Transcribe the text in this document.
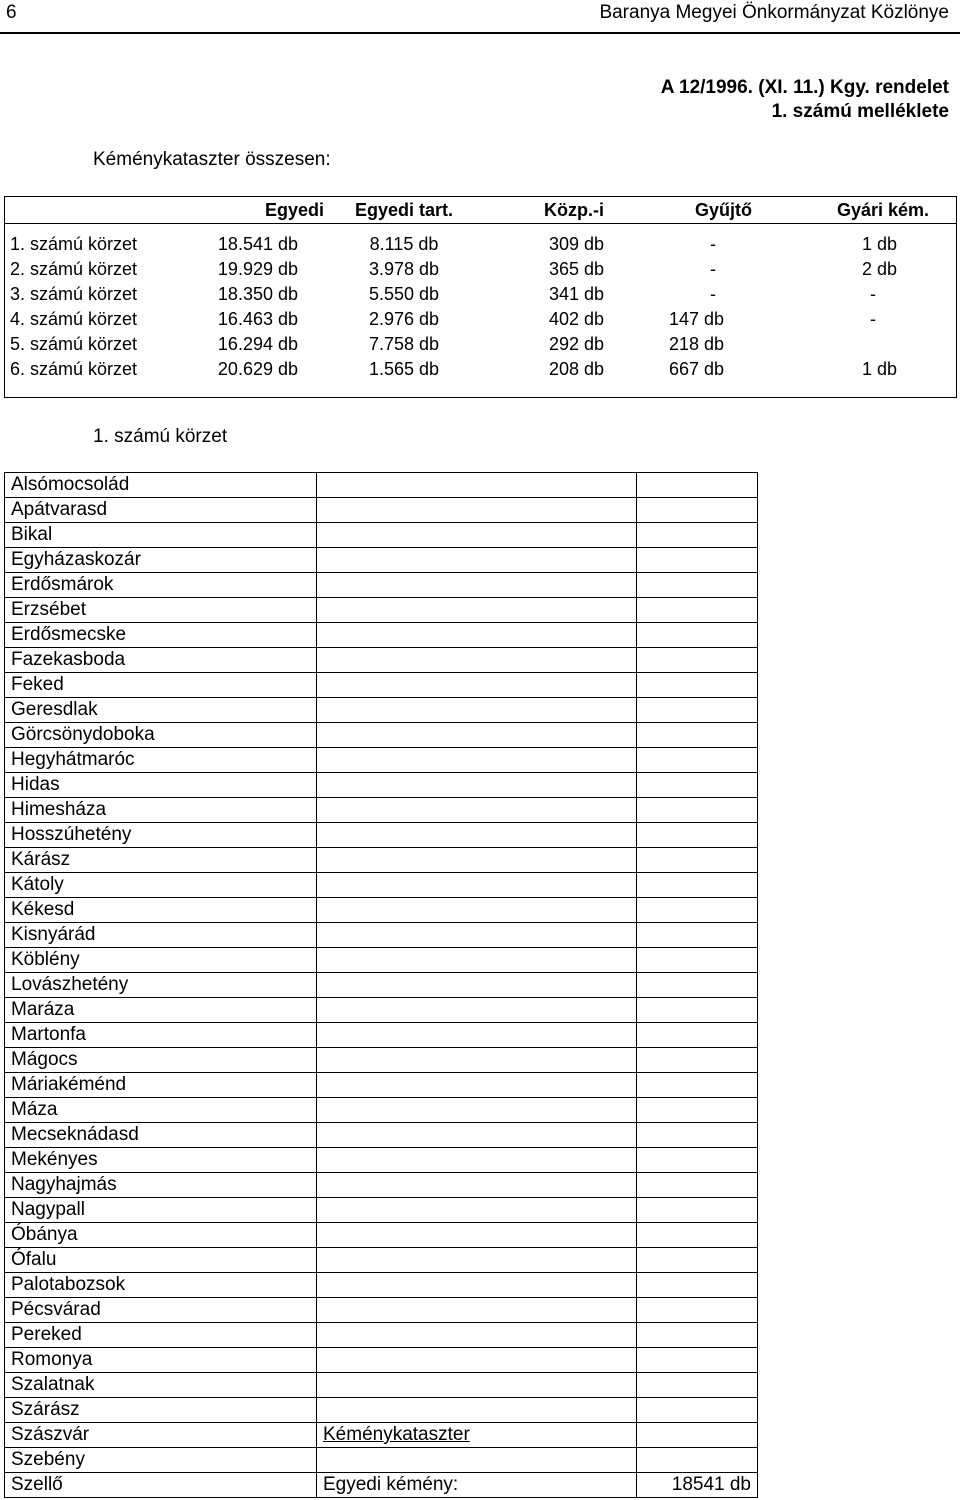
6	Baranya Megyei Önkormányzat Közlönye
A 12/1996. (XI. 11.) Kgy. rendelet
1. számú melléklete
Kéménykataszter összesen:
	Egyedi	Egyedi tart.	Közp.-i	Gyűjtő	Gyári kém.

1. számú körzet	18.541 db	8.115 db	309 db	-	1 db
2. számú körzet	19.929 db	3.978 db	365 db	-	2 db
3. számú körzet	18.350 db	5.550 db	341 db	-	-
4. számú körzet	16.463 db	2.976 db	402 db	147 db	-
5. számú körzet	16.294 db	7.758 db	292 db	218 db	
6. számú körzet	20.629 db	1.565 db	208 db	667 db	1 db
1. számú körzet
Alsómocsolád		
Apátvarasd		
Bikal		
Egyházaskozár		
Erdősmárok		
Erzsébet		
Erdősmecske		
Fazekasboda		
Feked		
Geresdlak		
Görcsönydoboka		
Hegyhátmaróc		
Hidas		
Himesháza		
Hosszúhetény		
Kárász		
Kátoly		
Kékesd		
Kisnyárád		
Köblény		
Lovászhetény		
Maráza		
Martonfa		
Mágocs		
Máriakéménd		
Máza		
Mecseknádasd		
Mekényes		
Nagyhajmás		
Nagypall		
Óbánya		
Ófalu		
Palotabozsok		
Pécsvárad		
Pereked		
Romonya		
Szalatnak		
Szárász		
Szászvár	Kéménykataszter	
Szebény		
Szellő	Egyedi kémény:	18541 db
